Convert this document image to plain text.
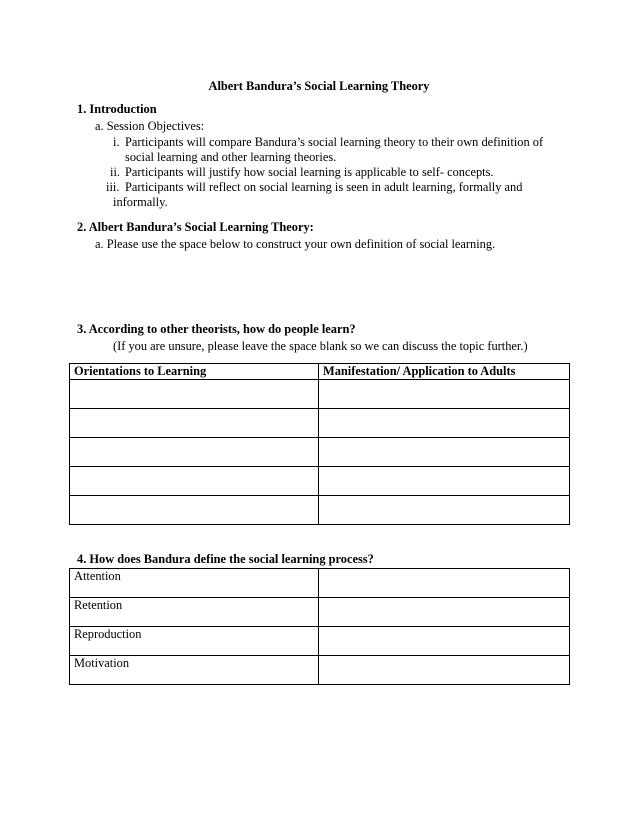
Albert Bandura’s Social Learning Theory
1. Introduction
a. Session Objectives:
i. Participants will compare Bandura’s social learning theory to their own definition of
social learning and other learning theories.
ii. Participants will justify how social learning is applicable to self- concepts.
iii. Participants will reflect on social learning is seen in adult learning, formally and
informally.
2. Albert Bandura’s Social Learning Theory:
a. Please use the space below to construct your own definition of social learning.
3. According to other theorists, how do people learn?
(If you are unsure, please leave the space blank so we can discuss the topic further.)
Orientations to Learning	Manifestation/ Application to Adults

4. How does Bandura define the social learning process?
Attention	
Retention	
Reproduction	
Motivation	
